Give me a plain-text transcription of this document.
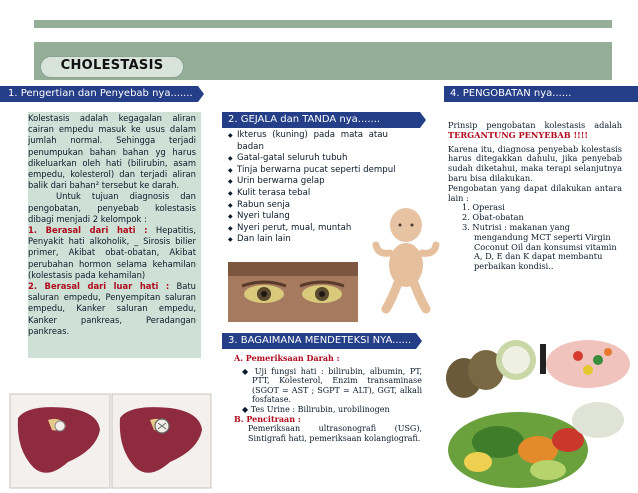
CHOLESTASIS
1. Pengertian dan Penyebab nya.......
2. GEJALA dan TANDA nya.......
3. BAGAIMANA MENDETEKSI NYA......
4. PENGOBATAN nya......

Kolestasis adalah kegagalan aliran cairan empedu masuk ke usus dalam jumlah normal. Sehingga terjadi penumpukan bahan bahan yg harus dikeluarkan oleh hati (bilirubin, asam empedu, kolesterol) dan terjadi aliran balik dari bahan² tersebut ke darah.

Untuk tujuan diagnosis dan pengobatan, penyebab kolestasis dibagi menjadi 2 kelompok :

1. Berasal dari hati : Hepatitis, Penyakit hati alkoholik, _ Sirosis bilier primer, Akibat obat-obatan, Akibat perubahan hormon selama kehamilan (kolestasis pada kehamilan)

2. Berasal dari luar hati : Batu saluran empedu, Penyempitan saluran empedu, Kanker saluran empedu, Kanker pankreas, Peradangan pankreas.

◆ Ikterus (kuning) pada mata atau badan
◆ Gatal-gatal seluruh tubuh
◆ Tinja berwarna pucat seperti dempul
◆ Urin berwarna gelap
◆ Kulit terasa tebal
◆ Rabun senja
◆ Nyeri tulang
◆ Nyeri perut, mual, muntah
◆ Dan lain lain

A. Pemeriksaan Darah :

◆ Uji fungsi hati : bilirubin, albumin, PT, PTT, Kolesterol, Enzim transaminase (SGOT = AST ; SGPT = ALT), GGT, alkali fosfatase.

◆ Tes Urine : Bilirubin, urobilinogen

B. Pencitraan :

Pemeriksaan ultrasonografi (USG), Sintigrafi hati, pemeriksaan kolangiografi.

Prinsip pengobatan kolestasis adalah TERGANTUNG PENYEBAB !!!!

Karena itu, diagnosa penyebab kolestasis harus ditegakkan dahulu, jika penyebab sudah diketahui, maka terapi selanjutnya baru bisa dilakukan.

Pengobatan yang dapat dilakukan antara lain :

1. Operasi
2. Obat-obatan
3. Nutrisi : makanan yang mengandung MCT seperti Virgin Coconut Oil dan konsumsi vitamin A, D, E dan K dapat membantu perbaikan kondisi..
